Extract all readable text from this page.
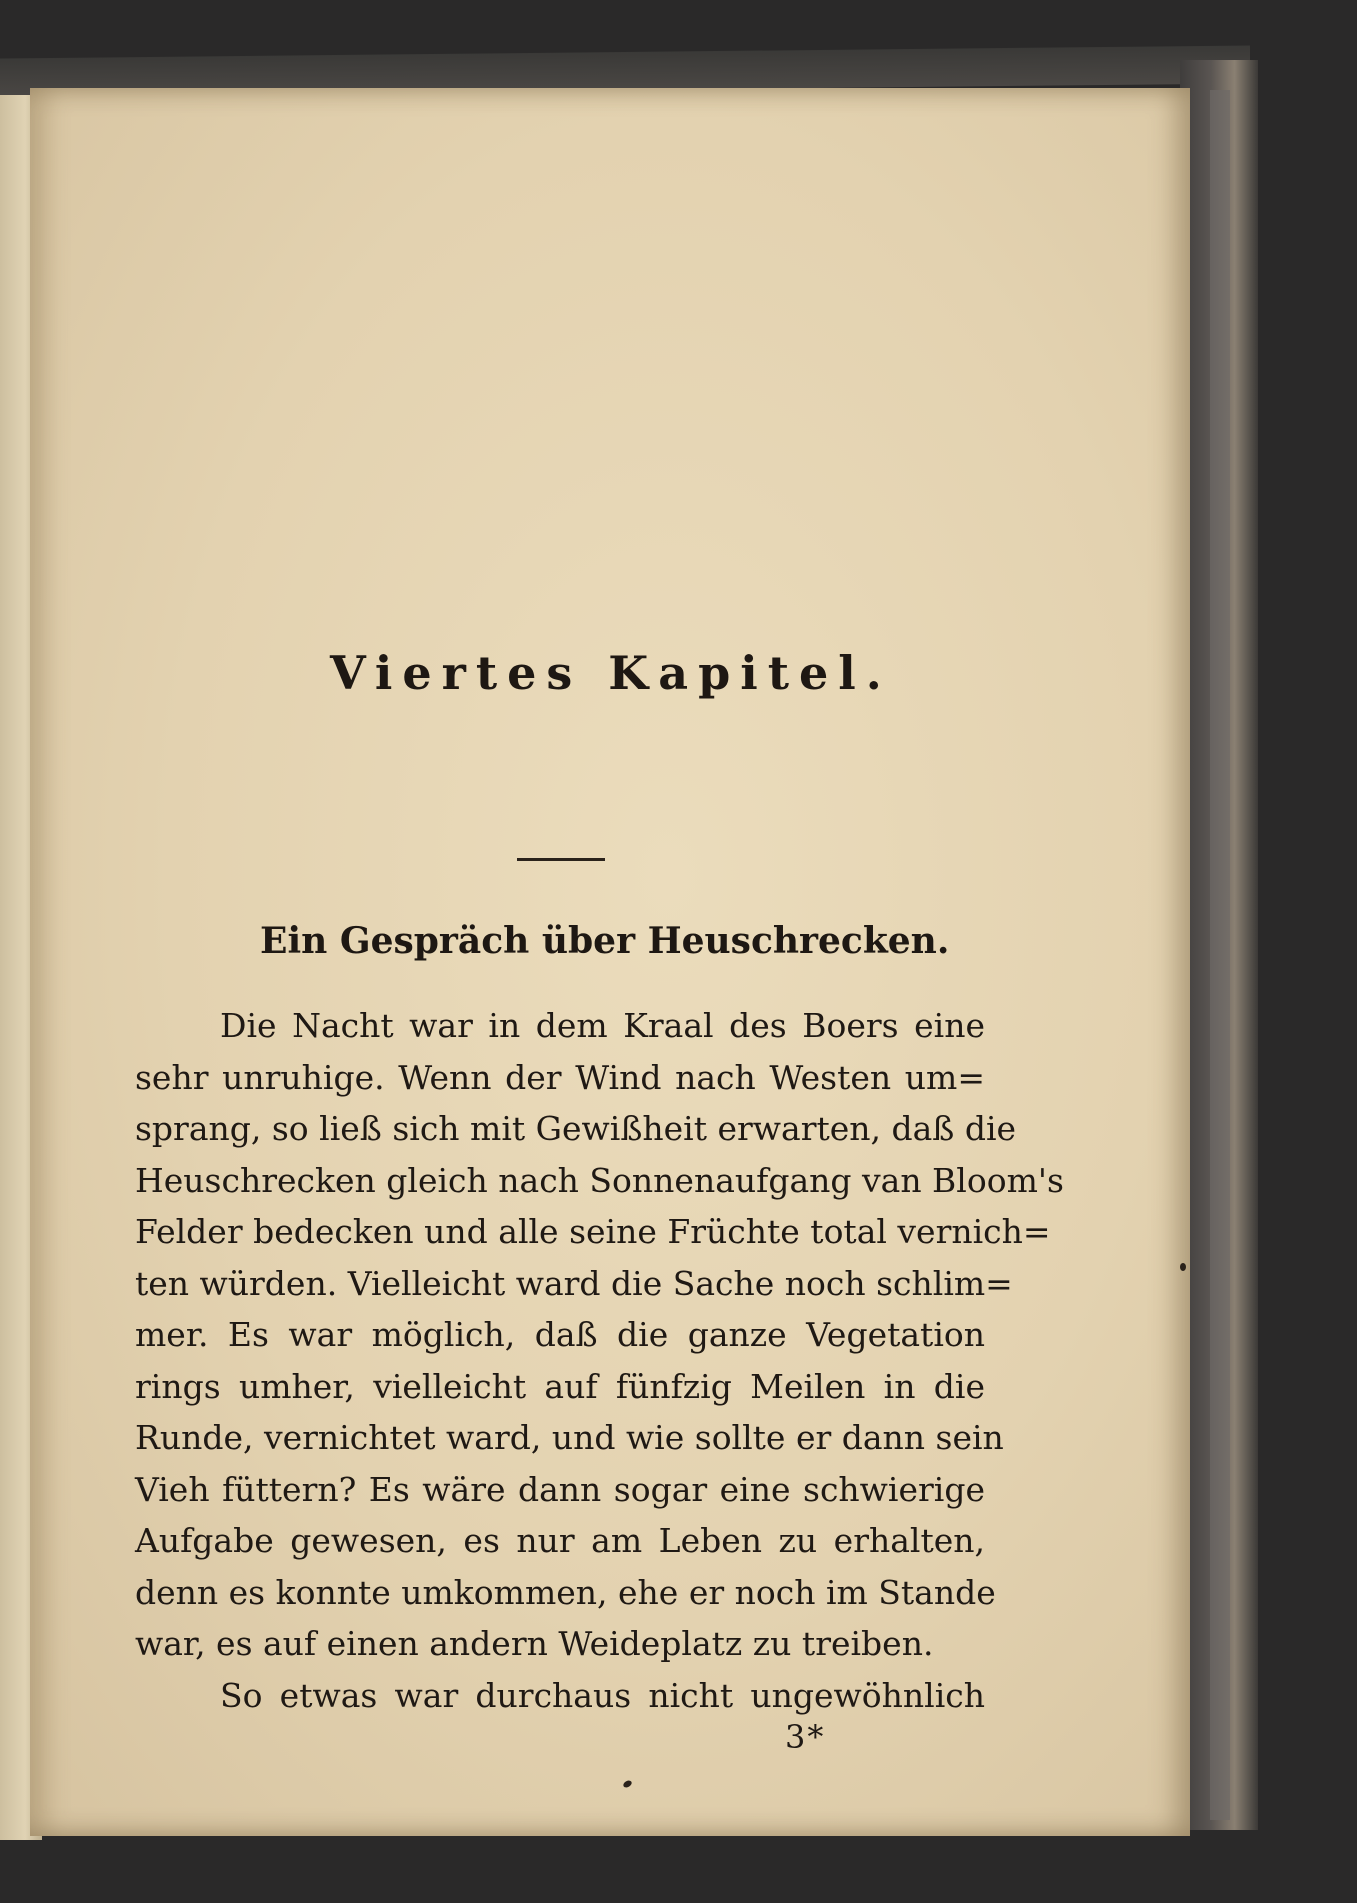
Viertes Kapitel.
Ein Gespräch über Heuschrecken.
Die Nacht war in dem Kraal des Boers eine
sehr unruhige. Wenn der Wind nach Westen um=
sprang, so ließ sich mit Gewißheit erwarten, daß die
Heuschrecken gleich nach Sonnenaufgang van Bloom's
Felder bedecken und alle seine Früchte total vernich=
ten würden. Vielleicht ward die Sache noch schlim=
mer. Es war möglich, daß die ganze Vegetation
rings umher, vielleicht auf fünfzig Meilen in die
Runde, vernichtet ward, und wie sollte er dann sein
Vieh füttern? Es wäre dann sogar eine schwierige
Aufgabe gewesen, es nur am Leben zu erhalten,
denn es konnte umkommen, ehe er noch im Stande
war, es auf einen andern Weideplatz zu treiben.
So etwas war durchaus nicht ungewöhnlich
3*
